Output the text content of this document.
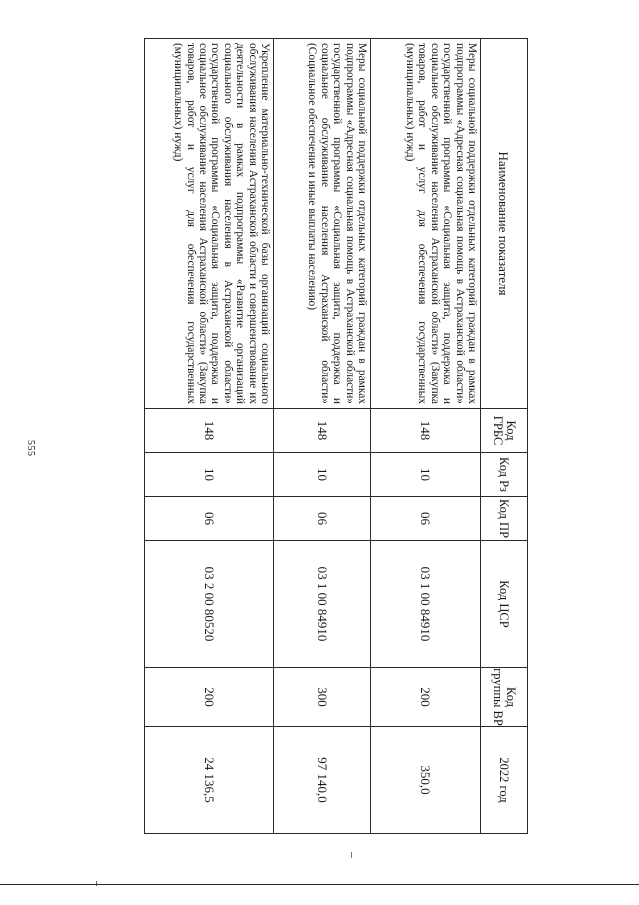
555
Наименование показателя	Код ГРБС	Код Рз	Код ПР	Код ЦСР	Код группы ВР	2022 год
Меры социальной поддержки отдельных категорий граждан в рамках подпрограммы «Адресная социальная помощь в Астраханской области» государственной программы «Социальная защита, поддержка и социальное обслуживание населения Астраханской области» (Закупка товаров, работ и услуг для обеспечения государственных (муниципальных) нужд)	148	10	06	03 1 00 84910	200	350,0
Меры социальной поддержки отдельных категорий граждан в рамках подпрограммы «Адресная социальная помощь в Астраханской области» государственной программы «Социальная защита, поддержка и социальное обслуживание населения Астраханской области» (Социальное обеспечение и иные выплаты населению)	148	10	06	03 1 00 84910	300	97 140,0
Укрепление материально-технической базы организаций социального обслуживания населения Астраханской области и совершенствование их деятельности в рамках подпрограммы «Развитие организаций социального обслуживания населения в Астраханской области» государственной программы «Социальная защита, поддержка и социальное обслуживание населения Астраханской области» (Закупка товаров, работ и услуг для обеспечения государственных (муниципальных) нужд)	148	10	06	03 2 00 80520	200	24 136,5
